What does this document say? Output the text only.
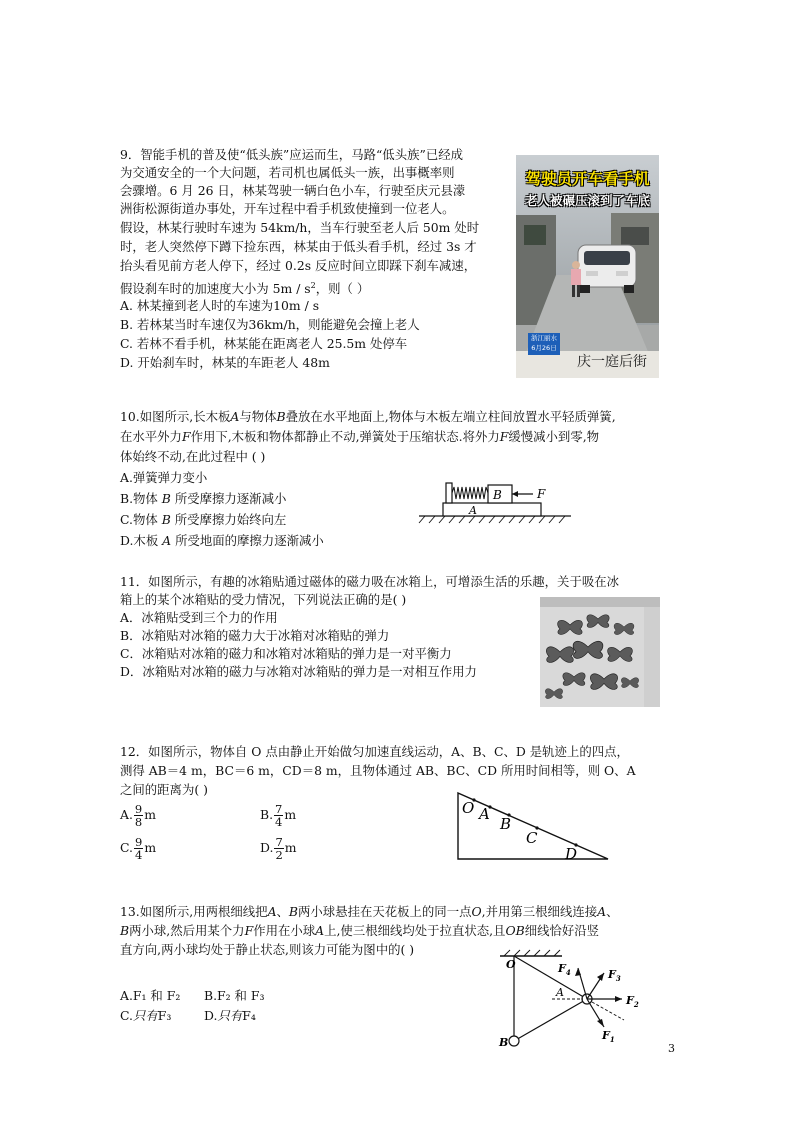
9．智能手机的普及使“低头族”应运而生，马路“低头族”已经成
为交通安全的一个大问题，若司机也属低头一族，出事概率则
会骤增。6 月 26 日，林某驾驶一辆白色小车，行驶至庆元县濛
洲街松源街道办事处，开车过程中看手机致使撞到一位老人。
假设，林某行驶时车速为 54km/h，当车行驶至老人后 50m 处时
时，老人突然停下蹲下捡东西，林某由于低头看手机，经过 3s 才
抬头看见前方老人停下，经过 0.2s 反应时间立即踩下刹车减速，
假设刹车时的加速度大小为 $5m / s^2$，则（ ）
A. 林某撞到老人时的车速为10m / s
B. 若林某当时车速仅为36km/h，则能避免会撞上老人
C. 若林不看手机，林某能在距离老人 25.5m 处停车
D. 开始刹车时，林某的车距老人 48m
驾驶员开车看手机
老人被碾压滚到了车底
浙江丽水
6月26日
庆一庭后街
10.如图所示,长木板A与物体B叠放在水平地面上,物体与木板左端立柱间放置水平轻质弹簧,
在水平外力F作用下,木板和物体都静止不动,弹簧处于压缩状态.将外力F缓慢减小到零,物
体始终不动,在此过程中 ( )
A.弹簧弹力变小
B.物体 B 所受摩擦力逐渐减小
C.物体 B 所受摩擦力始终向左
D.木板 A 所受地面的摩擦力逐渐减小
B
A
F
11．如图所示，有趣的冰箱贴通过磁体的磁力吸在冰箱上，可增添生活的乐趣，关于吸在冰
箱上的某个冰箱贴的受力情况，下列说法正确的是( )
A．冰箱贴受到三个力的作用
B．冰箱贴对冰箱的磁力大于冰箱对冰箱贴的弹力
C．冰箱贴对冰箱的磁力和冰箱对冰箱贴的弹力是一对平衡力
D．冰箱贴对冰箱的磁力与冰箱对冰箱贴的弹力是一对相互作用力
12．如图所示，物体自 O 点由静止开始做匀加速直线运动，A、B、C、D 是轨迹上的四点，
测得 AB＝4 m，BC＝6 m，CD＝8 m，且物体通过 AB、BC、CD 所用时间相等，则 O、A
之间的距离为( )
A. $\frac{9}{8}$ m	B. $\frac{7}{4}$ m
C. $\frac{9}{4}$ m	D. $\frac{7}{2}$ m
O A
B
C
D
13.如图所示,用两根细线把A、B两小球悬挂在天花板上的同一点O,并用第三根细线连接A、
B两小球,然后用某个力F作用在小球A上,使三根细线均处于拉直状态,且OB细线恰好沿竖
直方向,两小球均处于静止状态,则该力可能为图中的( )
A.F₁ 和 F₂ B.F₂ 和 F₃
C.只有F₃	D.只有F₄
O
A
B
$F_4$	$F_3$
$F_2$
$F_1$
3
